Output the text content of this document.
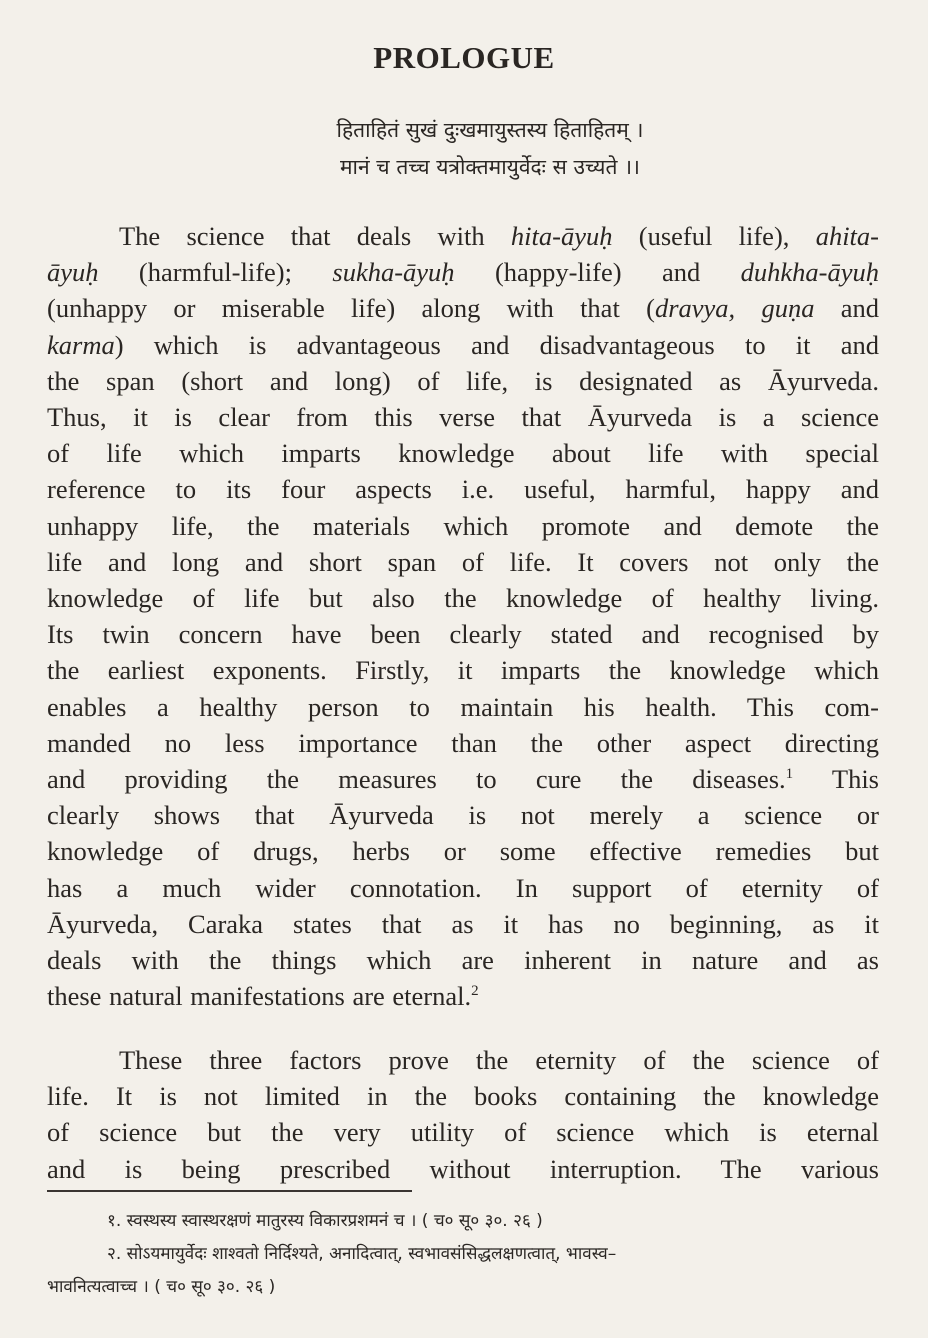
PROLOGUE
हिताहितं सुखं दुःखमायुस्तस्य हिताहितम् ।
मानं च तच्च यत्रोक्तमायुर्वेदः स उच्यते ।।
The science that deals with hita-āyuḥ (useful life), ahita-
āyuḥ (harmful-life); sukha-āyuḥ (happy-life) and duhkha-āyuḥ
(unhappy or miserable life) along with that (dravya, guṇa and
karma) which is advantageous and disadvantageous to it and
the span (short and long) of life, is designated as Āyurveda.
Thus, it is clear from this verse that Āyurveda is a science
of life which imparts knowledge about life with special
reference to its four aspects i.e. useful, harmful, happy and
unhappy life, the materials which promote and demote the
life and long and short span of life. It covers not only the
knowledge of life but also the knowledge of healthy living.
Its twin concern have been clearly stated and recognised by
the earliest exponents. Firstly, it imparts the knowledge which
enables a healthy person to maintain his health. This com-
manded no less importance than the other aspect directing
and providing the measures to cure the diseases.$^1$ This
clearly shows that Āyurveda is not merely a science or
knowledge of drugs, herbs or some effective remedies but
has a much wider connotation. In support of eternity of
Āyurveda, Caraka states that as it has no beginning, as it
deals with the things which are inherent in nature and as
these natural manifestations are eternal.$^2$
These three factors prove the eternity of the science of
life. It is not limited in the books containing the knowledge
of science but the very utility of science which is eternal
and is being prescribed without interruption. The various
१. स्वस्थस्य स्वास्थरक्षणं मातुरस्य विकारप्रशमनं च । ( च० सू० ३०. २६ )
२. सोऽयमायुर्वेदः शाश्वतो निर्दिश्यते, अनादित्वात्, स्वभावसंसिद्धलक्षणत्वात्, भावस्व–
भावनित्यत्वाच्च । ( च० सू० ३०. २६ )
